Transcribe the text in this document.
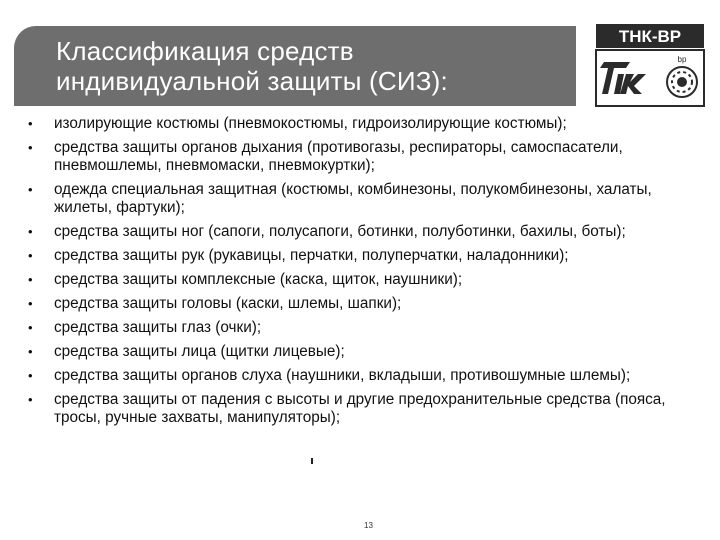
Классификация средств
индивидуальной защиты (СИЗ):
ТНК-ВР
bp
• изолирующие костюмы (пневмокостюмы, гидроизолирующие костюмы);
• средства защиты органов дыхания (противогазы, респираторы, самоспасатели, пневмошлемы, пневмомаски, пневмокуртки);
• одежда специальная защитная (костюмы, комбинезоны, полукомбинезоны, халаты, жилеты, фартуки);
• средства защиты ног (сапоги, полусапоги, ботинки, полуботинки, бахилы, боты);
• средства защиты рук (рукавицы, перчатки, полуперчатки, наладонники);
• средства защиты комплексные (каска, щиток, наушники);
• средства защиты головы (каски, шлемы, шапки);
• средства защиты глаз (очки);
• средства защиты лица (щитки лицевые);
• средства защиты органов слуха (наушники, вкладыши, противошумные шлемы);
• средства защиты от падения с высоты и другие предохранительные средства (пояса, тросы, ручные захваты, манипуляторы);
13
